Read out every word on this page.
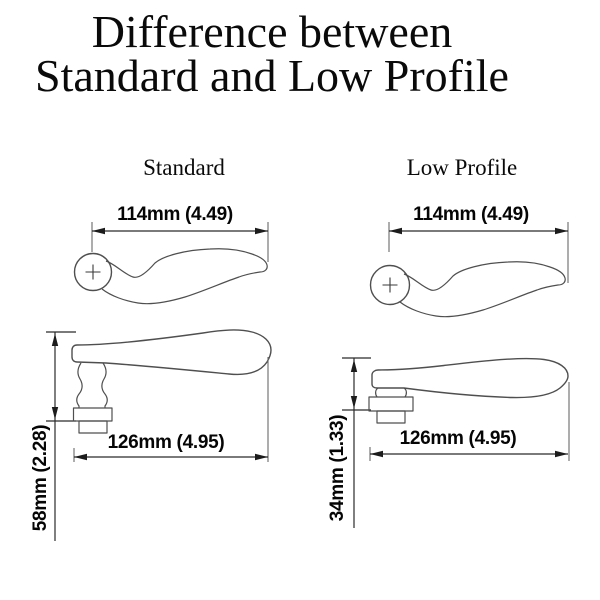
Difference between
Standard and Low Profile
Standard	Low Profile
114mm (4.49)	114mm (4.49)
126mm (4.95)	126mm (4.95)
58mm (2.28)	34mm (1.33)
